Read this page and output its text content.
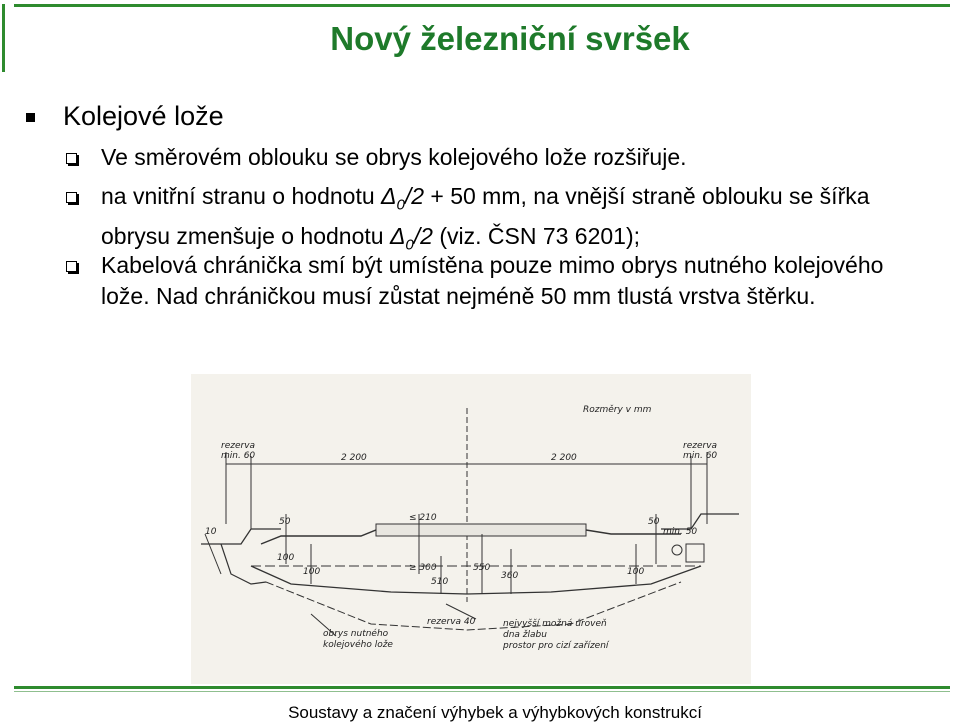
Nový železniční svršek
Kolejové lože
Ve směrovém oblouku se obrys kolejového lože rozšiřuje.
na vnitřní stranu o hodnotu $\Delta_0/2 + 50$ mm, na vnější straně oblouku se šířka obrysu zmenšuje o hodnotu $\Delta_0/2$ (viz. ČSN 73 6201);
Kabelová chránička smí být umístěna pouze mimo obrys nutného kolejového lože. Nad chráničkou musí zůstat nejméně 50 mm tlustá vrstva štěrku.
Rozměry v mm
rezerva
min. 60
rezerva
min. 60
2 200	2 200
50
100
100
≤ 210
≥ 300
510
550
360
50
100
min. 50
10
rezerva 40
obrys nutného
kolejového lože
nejvyšší možná úroveň
dna žlabu
prostor pro cizí zařízení
Soustavy a značení výhybek a výhybkových konstrukcí
